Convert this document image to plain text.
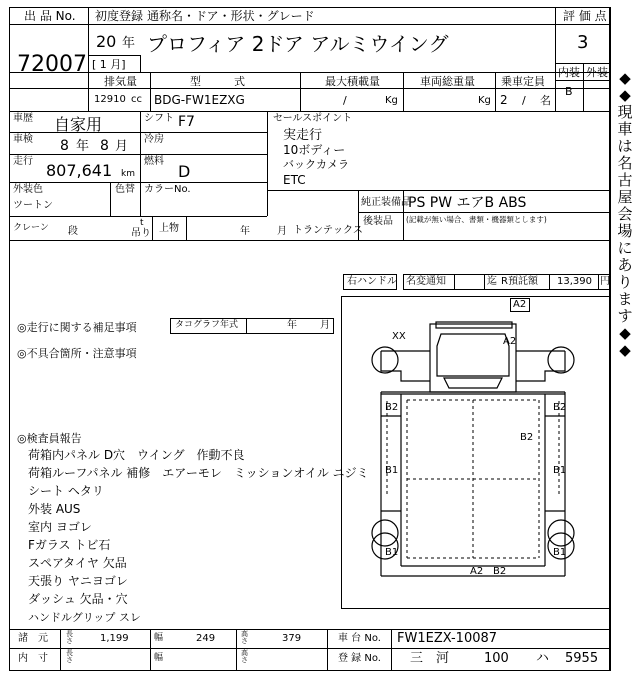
出 品 No. 初度登録 通称名・ドア・形状・グレード	評 価 点
72007
20 年
[ 1 月]
プロフィア 2ドア アルミウイング	3
内装 外装
B
排気量	型　　　式	最大積載量	車両総重量 乗車定員
12910 cc BDG-FW1EZXG	/	Kg	Kg 2 / 名
車歴 自家用	シフト F7
車検 8 年 8 月 冷房
走行 807,641 km
燃料
D
外装色
ツートン
色替 カラーNo.
セールスポイント
実走行
10ボディー
バックカメラ
ETC
純正装備品
PS PW エアB ABS
後装品 (記載が無い場合、書類・機器類とします)
クレーン 段
t
吊り 上物	年	月 トランテックス
右ハンドル 名変通知	迄 R預託額 13,390 円
◎走行に関する補足事項	タコグラフ年式	年 月
◎不具合箇所・注意事項
◎検査員報告
荷箱内パネル D穴　ウイング　作動不良
荷箱ルーフパネル 補修　エアーモレ　ミッションオイル ニジミ
シート ヘタリ
外装 AUS
室内 ヨゴレ
Fガラス トビ石
スペアタイヤ 欠品
天張り ヤニヨゴレ
ダッシュ 欠品・穴
ハンドルグリップ スレ
A2
A2
XX
B2	B2
B2
B1	B1
B1	B1
A2 B2
◆
◆
現
車
は
名
古
屋
会
場
に
あ
り
ま
す
◆
◆
諸　元	長さ	1,199	幅	249	高さ	379	車 台 No. FW1EZX-10087
内　寸	長さ	幅	高さ	登 録 No. 三　河	100 ハ 5955
